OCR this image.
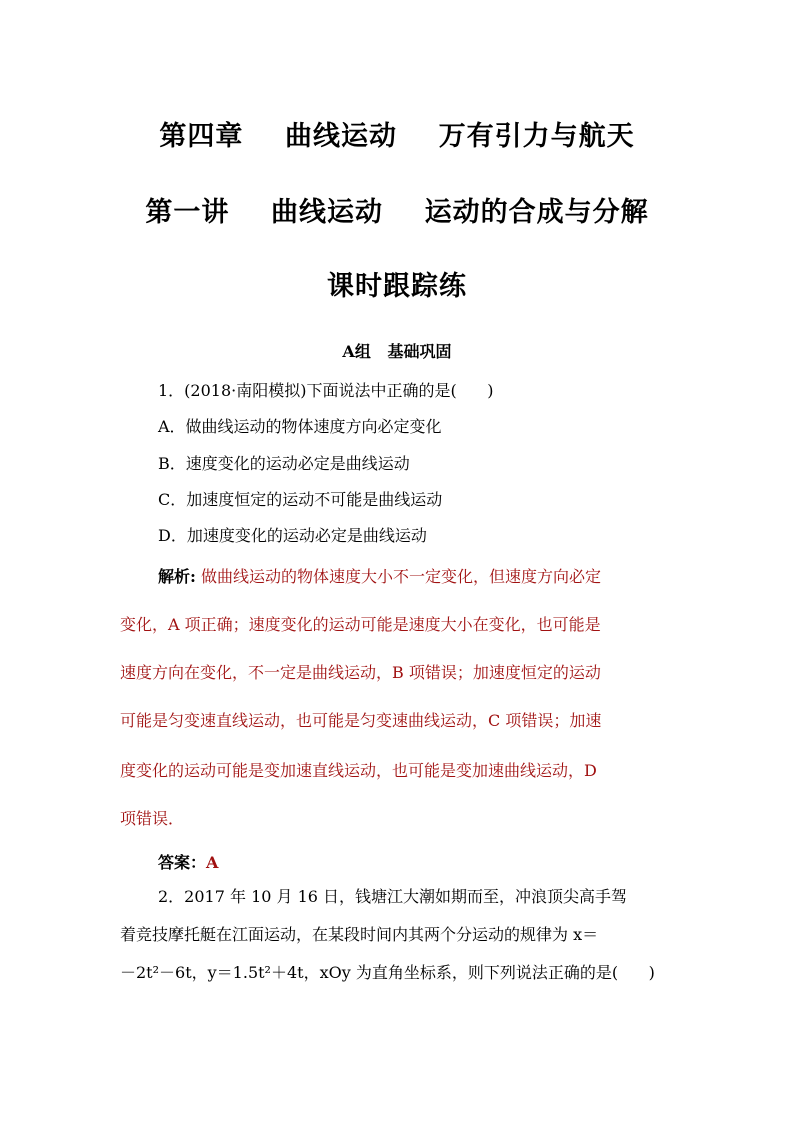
第四章    曲线运动    万有引力与航天
第一讲    曲线运动    运动的合成与分解
课时跟踪练
A组   基础巩固
1．(2018·南阳模拟)下面说法中正确的是(      )
A．做曲线运动的物体速度方向必定变化
B．速度变化的运动必定是曲线运动
C．加速度恒定的运动不可能是曲线运动
D．加速度变化的运动必定是曲线运动
解析: 做曲线运动的物体速度大小不一定变化，但速度方向必定
变化，A 项正确；速度变化的运动可能是速度大小在变化，也可能是
速度方向在变化，不一定是曲线运动，B 项错误；加速度恒定的运动
可能是匀变速直线运动，也可能是匀变速曲线运动，C 项错误；加速
度变化的运动可能是变加速直线运动，也可能是变加速曲线运动，D
项错误．
答案：A
2．2017 年 10 月 16 日，钱塘江大潮如期而至，冲浪顶尖高手驾
着竞技摩托艇在江面运动，在某段时间内其两个分运动的规律为 x＝
－2t²－6t，y＝1.5t²＋4t，xOy 为直角坐标系，则下列说法正确的是(      )
